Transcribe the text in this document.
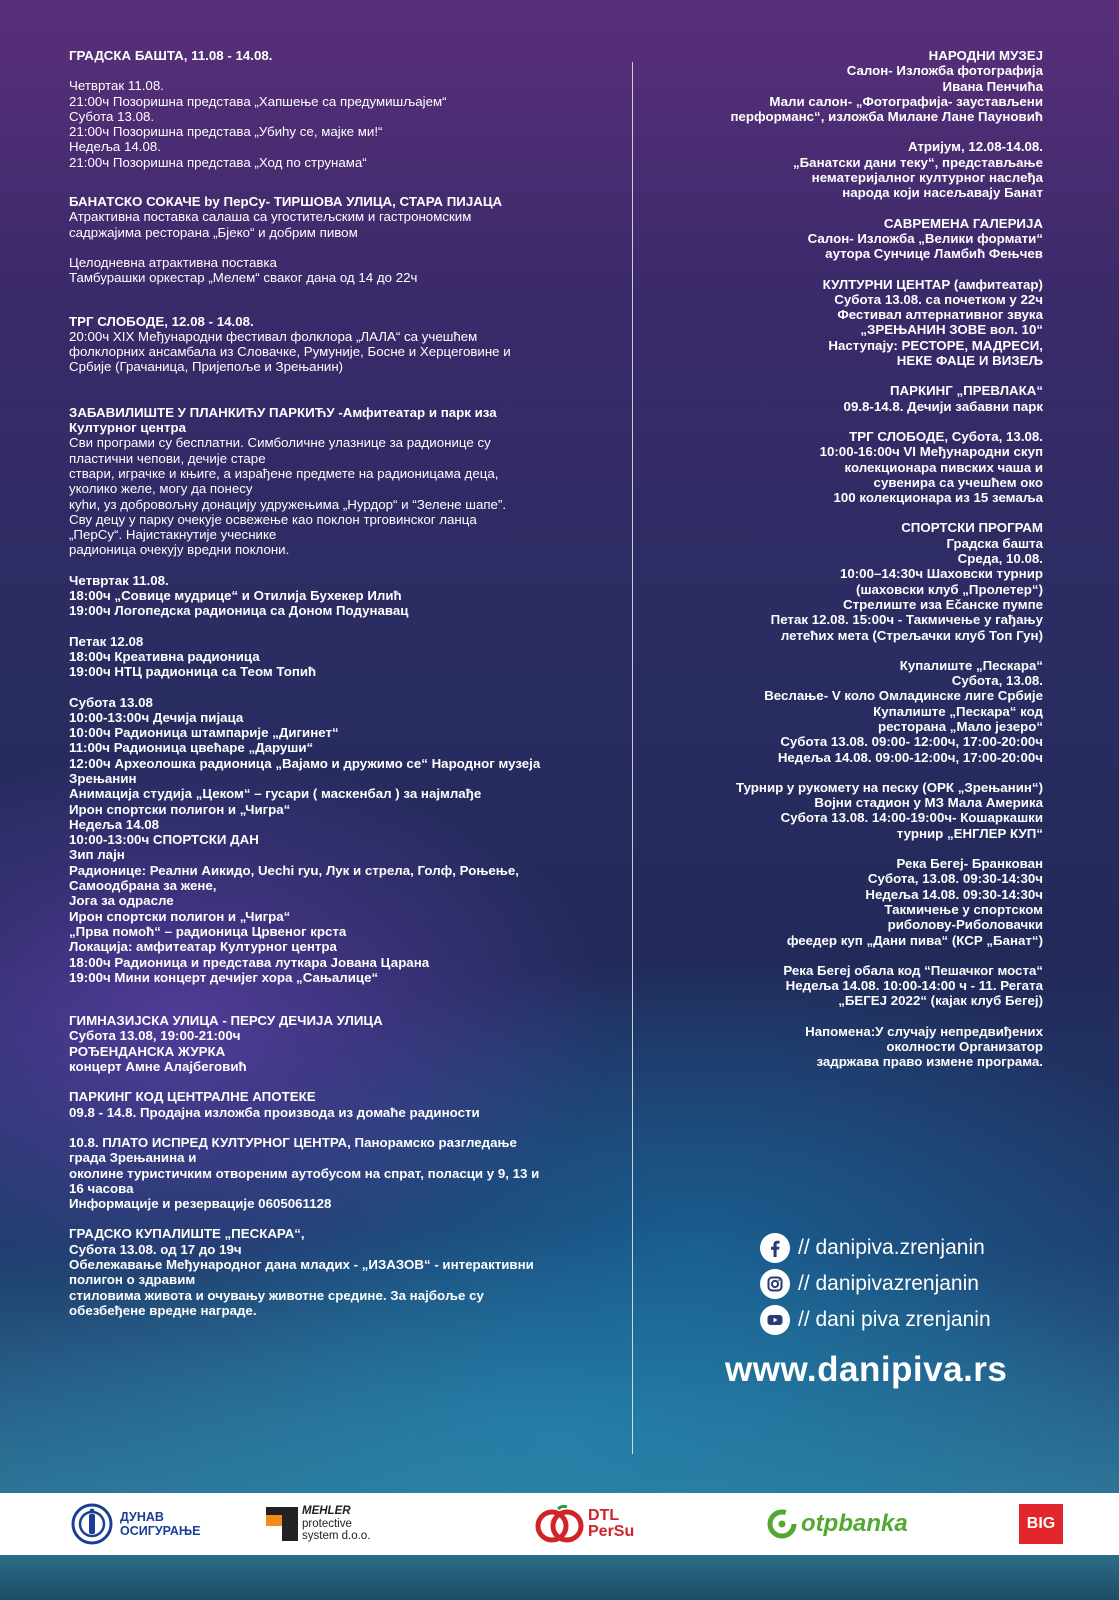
ГРАДСКА БАШТА, 11.08 - 14.08.
Четвртак 11.08.
21:00ч Позоришна представа „Хапшење са предумишљајем“
Субота 13.08.
21:00ч Позоришна представа „Убиһу се, мајке ми!“
Недеља 14.08.
21:00ч Позоришна представа „Ход по струнама“
БАНАТСКО СОКАЧЕ by ПерСу- ТИРШОВА УЛИЦА, СТАРА ПИЈАЦА
Атрактивна поставка салаша са угоститељским и гастрономским
садржајима ресторана „Бјеко“ и добрим пивом
Целодневна атрактивна поставка
Тамбурашки оркестар „Мелем“ сваког дана од 14 до 22ч
ТРГ СЛОБОДЕ, 12.08 - 14.08.
20:00ч XIX Међународни фестивал фолклора „ЛАЛА“ са учешћем
фолклорних ансамбала из Словачке, Румуније, Босне и Херцеговине и
Србије (Грачаница, Пријепоље и Зрењанин)
ЗАБАВИЛИШТЕ У ПЛАНКИЋУ ПАРКИЋУ -Амфитеатар и парк иза
Културног центра
Сви програми су бесплатни. Симболичне улазнице за радионице су
пластични чепови, дечије старе
ствари, играчке и књиге, а израђене предмете на радионицама деца,
уколико желе, могу да понесу
куһи, уз добровољну донацију удружењима „Нурдор“ и “Зелене шапе”.
Сву децу у парку очекује освежење као поклон трговинског ланца
„ПерСу“. Најистакнутије учеснике
радионица очекују вредни поклони.
Четвртак 11.08.
18:00ч „Совице мудрице“ и Отилија Бухекер Илић
19:00ч Логопедска радионица са Доном Подунавац
Петак 12.08
18:00ч Креативна радионица
19:00ч НТЦ радионица са Теом Топић
Субота 13.08
10:00-13:00ч Дечија пијаца
10:00ч Радионица штампарије „Дигинет“
11:00ч Радионица цвећаре „Даруши“
12:00ч Археолошка радионица „Вајамо и дружимо се“ Народног музеја
Зрењанин
Анимација студија „Цеком“ – гусари ( маскенбал ) за најмлађе
Ирон спортски полигон и „Чигра“
Недеља 14.08
10:00-13:00ч СПОРТСКИ ДАН
Зип лајн
Радионице: Реални Аикидо, Uechi ryu, Лук и стрела, Голф, Роњење,
Самоодбрана за жене,
Јога за одрасле
Ирон спортски полигон и „Чигра“
„Прва помоћ“ – радионица Црвеног крста
Локација: амфитеатар Културног центра
18:00ч Радионица и представа луткара Јована Царана
19:00ч Мини концерт дечијег хора „Сањалице“
ГИМНАЗИЈСКА УЛИЦА - ПЕРСУ ДЕЧИЈА УЛИЦА
Субота 13.08, 19:00-21:00ч
РОЂЕНДАНСКА ЖУРКА
концерт Амне Алајбеговић
ПАРКИНГ КОД ЦЕНТРАЛНЕ АПОТЕКЕ
09.8 - 14.8. Продајна изложба производа из домаће радиности
10.8. ПЛАТО ИСПРЕД КУЛТУРНОГ ЦЕНТРА, Панорамско разгледање
града Зрењанина и
околине туристичким отвореним аутобусом на спрат, поласци у 9, 13 и
16 часова
Информације и резервације 0605061128
ГРАДСКО КУПАЛИШТЕ „ПЕСКАРА“,
Субота 13.08. од 17 до 19ч
Обележавање Међународног дана младих - „ИЗАЗОВ“ - интерактивни
полигон о здравим
стиловима живота и очувању животне средине. За најбоље су
обезбеђене вредне награде.
НАРОДНИ МУЗЕЈ
Салон- Изложба фотографија
Ивана Пенчића
Мали салон- „Фотографија- заустављени
перформанс“, изложба Милане Лане Пауновић
Атријум, 12.08-14.08.
„Банатски дани теку“, представљање
нематеријалног културног наслеђа
народа који насељавају Банат
САВРЕМЕНА ГАЛЕРИЈА
Салон- Изложба „Велики формати“
аутора Сунчице Ламбић Фењчев
КУЛТУРНИ ЦЕНТАР (амфитеатар)
Субота 13.08. са почетком у 22ч
Фестивал алтернативног звука
„ЗРЕЊАНИН ЗОВЕ вол. 10“
Наступају: РЕСТОРЕ, МАДРЕСИ,
НЕКЕ ФАЦЕ И ВИЗЕЉ
ПАРКИНГ „ПРЕВЛАКА“
09.8-14.8. Дечији забавни парк
ТРГ СЛОБОДЕ, Субота, 13.08.
10:00-16:00ч VI Међународни скуп
колекционара пивских чаша и
сувенира са учешћем око
100 колекционара из 15 земаља
СПОРТСКИ ПРОГРАМ
Градска башта
Среда, 10.08.
10:00–14:30ч Шаховски турнир
(шаховски клуб „Пролетер“)
Стрелиште иза Ečанске пумпе
Петак 12.08. 15:00ч - Такмичење у гађању
летећих мета (Стрељачки клуб Топ Гун)
Купалиште „Пескара“
Субота, 13.08.
Веслање- V коло Омладинске лиге Србије
Купалиште „Пескара“ код
ресторана „Мало језеро“
Субота 13.08. 09:00- 12:00ч, 17:00-20:00ч
Недеља 14.08. 09:00-12:00ч, 17:00-20:00ч
Турнир у рукомету на песку (ОРК „Зрењанин“)
Војни стадион у МЗ Мала Америка
Субота 13.08. 14:00-19:00ч- Кошаркашки
турнир „ЕНГЛЕР КУП“
Река Бегеј- Бранкован
Субота, 13.08. 09:30-14:30ч
Недеља 14.08. 09:30-14:30ч
Такмичење у спортском
риболову-Риболовачки
феедер куп „Дани пива“ (КСР „Банат“)
Река Бегеј обала код “Пешачког моста“
Недеља 14.08. 10:00-14:00 ч - 11. Регата
„БЕГЕЈ 2022“ (кајак клуб Бегеј)
Напомена:У случају непредвиђених
околности Организатор
задржава право измене програма.
// danipiva.zrenjanin
// danipivazrenjanin
// dani piva zrenjanin
www.danipiva.rs
ДУНАВ
ОСИГУРАЊЕ
MEHLER
protective
system d.o.o.
DTL
PerSu	otpbanka	BIG
